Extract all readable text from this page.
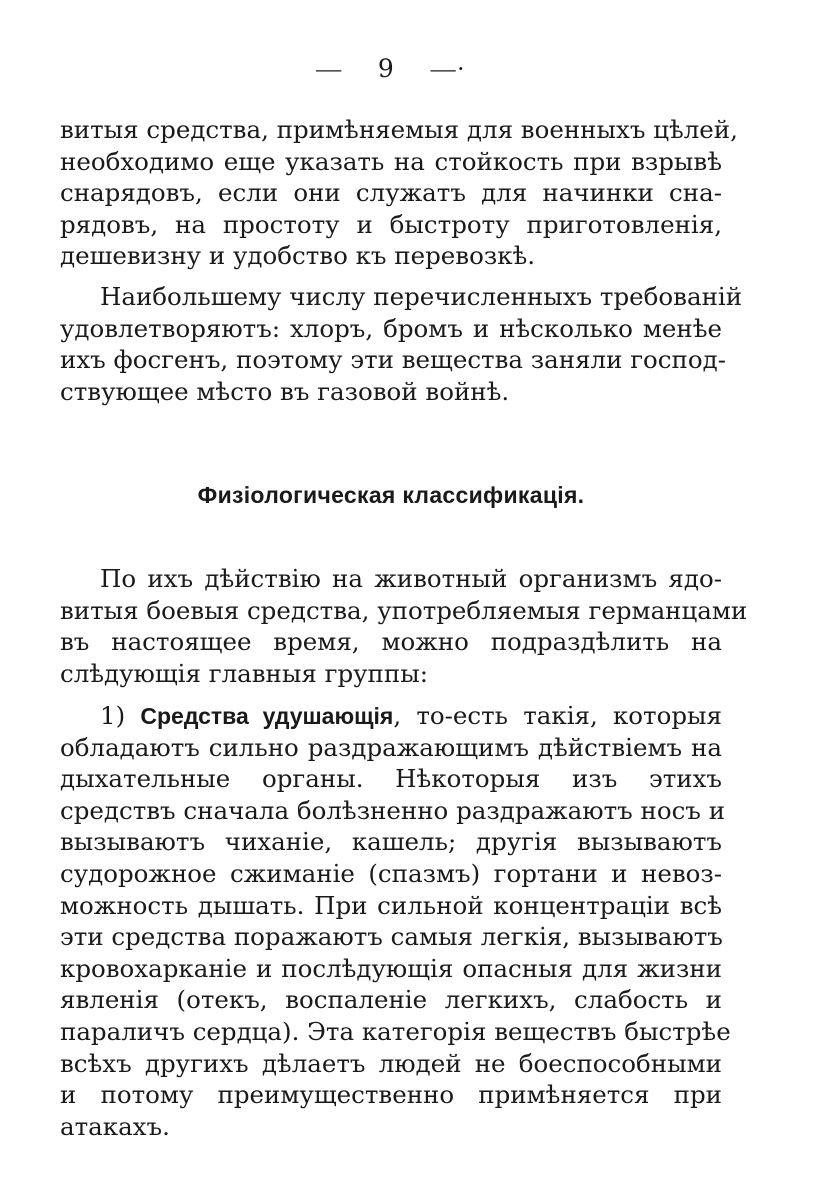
— 9 —·
витыя средства, примѣняемыя для военныхъ цѣлей,
необходимо еще указать на стойкость при взрывѣ
снарядовъ, если они служатъ для начинки сна-
рядовъ, на простоту и быстроту приготовленія,
дешевизну и удобство къ перевозкѣ.
Наибольшему числу перечисленныхъ требованій
удовлетворяютъ: хлоръ, бромъ и нѣсколько менѣе
ихъ фосгенъ, поэтому эти вещества заняли господ-
ствующее мѣсто въ газовой войнѣ.
Физіологическая классификація.
По ихъ дѣйствію на животный организмъ ядо-
витыя боевыя средства, употребляемыя германцами
въ настоящее время, можно подраздѣлить на
слѣдующія главныя группы:
1) Средства удушающія, то-есть такія, которыя
обладаютъ сильно раздражающимъ дѣйствіемъ на
дыхательные органы. Нѣкоторыя изъ этихъ
средствъ сначала болѣзненно раздражаютъ носъ и
вызываютъ чиханіе, кашель; другія вызываютъ
судорожное сжиманіе (спазмъ) гортани и невоз-
можность дышать. При сильной концентраціи всѣ
эти средства поражаютъ самыя легкія, вызываютъ
кровохарканіе и послѣдующія опасныя для жизни
явленія (отекъ, воспаленіе легкихъ, слабость и
параличъ сердца). Эта категорія веществъ быстрѣе
всѣхъ другихъ дѣлаетъ людей не боеспособными
и потому преимущественно примѣняется при
атакахъ.
